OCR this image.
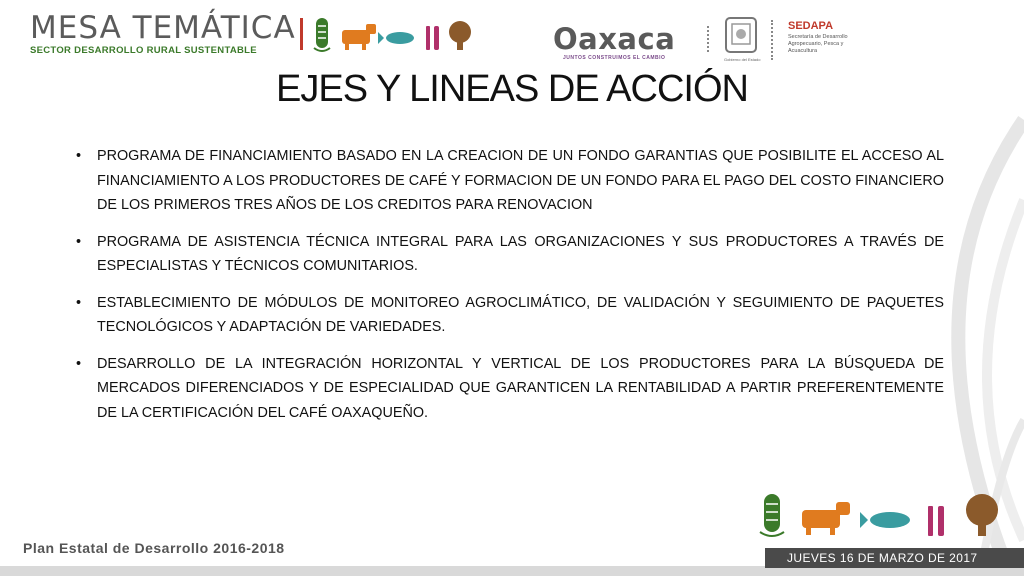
MESA TEMÁTICA
SECTOR DESARROLLO RURAL SUSTENTABLE	Oaxaca
JUNTOS CONSTRUIMOS EL CAMBIO	Gobierno del Estado
SEDAPA
Secretaría de Desarrollo Agropecuario, Pesca y Acuacultura
EJES Y LINEAS DE ACCIÓN
• PROGRAMA DE FINANCIAMIENTO BASADO EN LA CREACION DE UN FONDO GARANTIAS QUE POSIBILITE EL ACCESO AL FINANCIAMIENTO A LOS PRODUCTORES DE CAFÉ Y FORMACION DE UN FONDO PARA EL PAGO DEL COSTO FINANCIERO DE LOS PRIMEROS TRES AÑOS DE LOS CREDITOS PARA RENOVACION
• PROGRAMA DE ASISTENCIA TÉCNICA INTEGRAL PARA LAS ORGANIZACIONES Y SUS PRODUCTORES A TRAVÉS DE ESPECIALISTAS Y TÉCNICOS COMUNITARIOS.
• ESTABLECIMIENTO DE MÓDULOS DE MONITOREO AGROCLIMÁTICO, DE VALIDACIÓN Y SEGUIMIENTO DE PAQUETES TECNOLÓGICOS Y ADAPTACIÓN DE VARIEDADES.
• DESARROLLO DE LA INTEGRACIÓN HORIZONTAL Y VERTICAL DE LOS PRODUCTORES PARA LA BÚSQUEDA DE MERCADOS DIFERENCIADOS Y DE ESPECIALIDAD QUE GARANTICEN LA RENTABILIDAD A PARTIR PREFERENTEMENTE DE LA CERTIFICACIÓN DEL CAFÉ OAXAQUEÑO.
Plan Estatal de Desarrollo 2016-2018
JUEVES 16 DE MARZO DE 2017
